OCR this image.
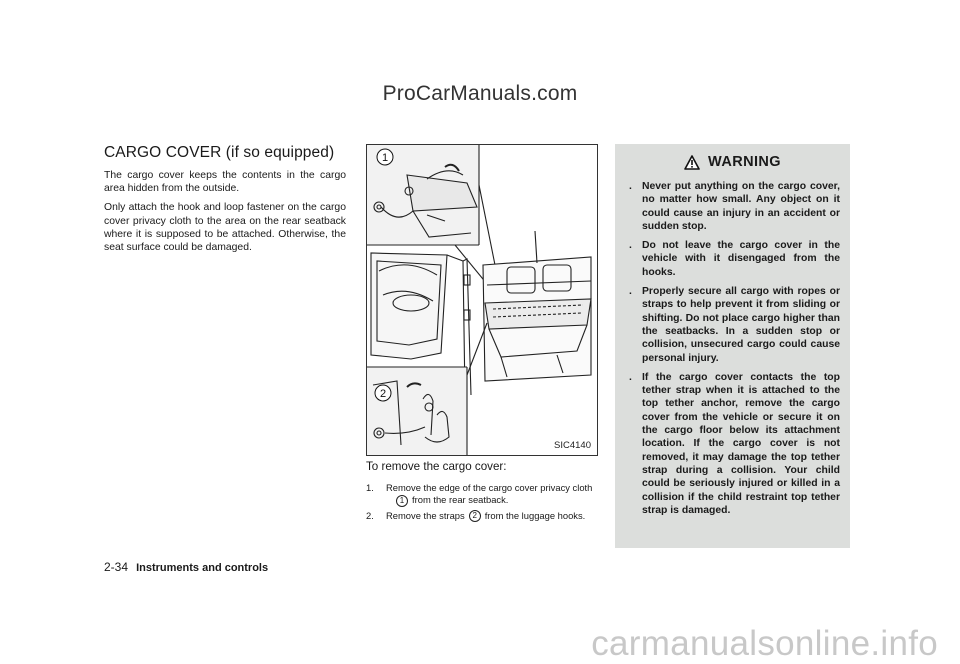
ProCarManuals.com
CARGO COVER (if so equipped)

The cargo cover keeps the contents in the cargo area hidden from the outside.

Only attach the hook and loop fastener on the cargo cover privacy cloth to the area on the rear seatback where it is supposed to be attached. Otherwise, the seat surface could be damaged.

1
2
SIC4140

To remove the cargo cover:

1. Remove the edge of the cargo cover privacy cloth
1 from the rear seatback.
2. Remove the straps 2 from the luggage hooks.
WARNING
. Never put anything on the cargo cover, no matter how small. Any object on it could cause an injury in an accident or sudden stop.
. Do not leave the cargo cover in the vehicle with it disengaged from the hooks.
. Properly secure all cargo with ropes or straps to help prevent it from sliding or shifting. Do not place cargo higher than the seatbacks. In a sudden stop or collision, unsecured cargo could cause personal injury.
. If the cargo cover contacts the top tether strap when it is attached to the top tether anchor, remove the cargo cover from the vehicle or secure it on the cargo floor below its attachment location. If the cargo cover is not removed, it may damage the top tether strap during a collision. Your child could be seriously injured or killed in a collision if the child restraint top tether strap is damaged.
2-34 Instruments and controls
carmanualsonline.info
